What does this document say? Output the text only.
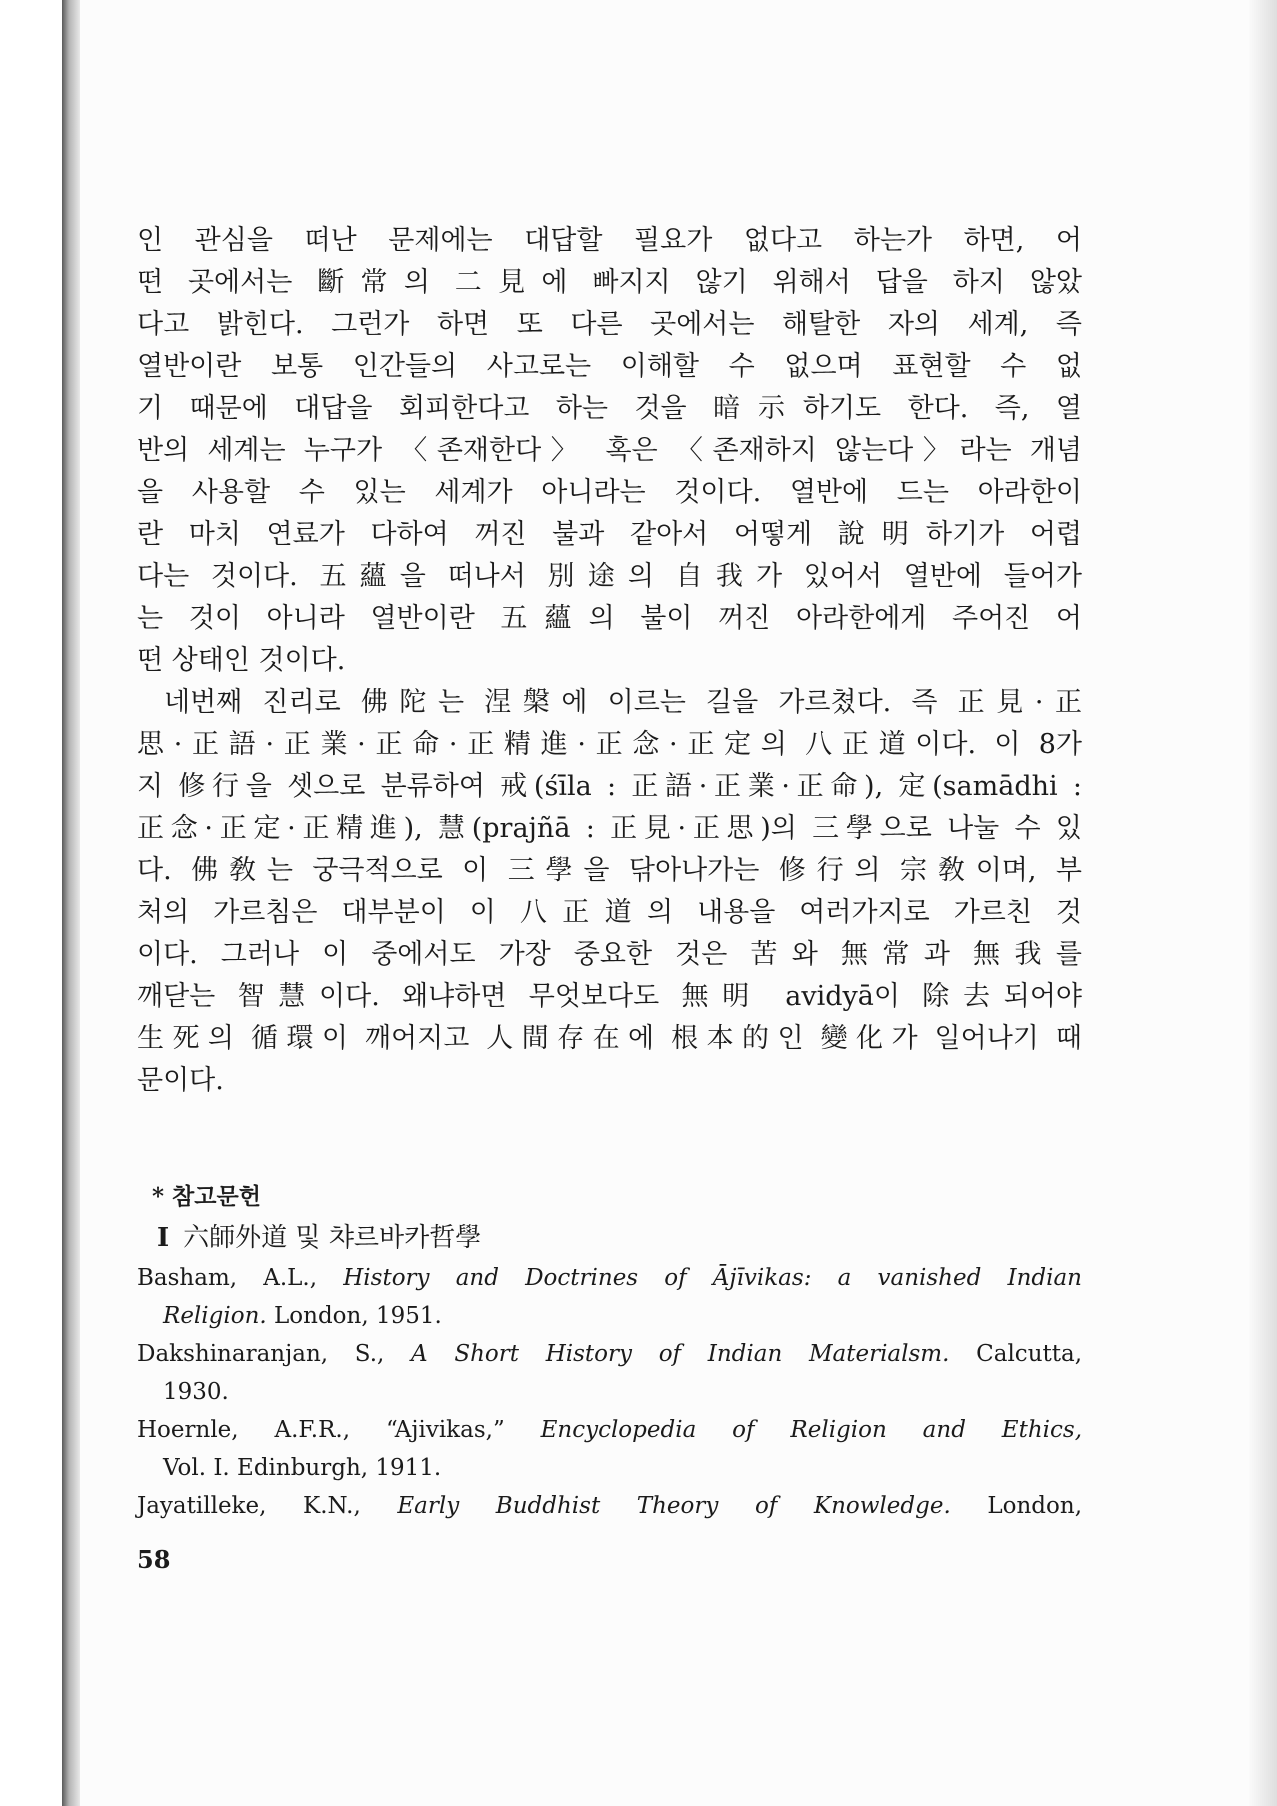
인 관심을 떠난 문제에는 대답할 필요가 없다고 하는가 하면, 어
떤 곳에서는 斷常의 二見에 빠지지 않기 위해서 답을 하지 않았
다고 밝힌다. 그런가 하면 또 다른 곳에서는 해탈한 자의 세계, 즉
열반이란 보통 인간들의 사고로는 이해할 수 없으며 표현할 수 없
기 때문에 대답을 회피한다고 하는 것을 暗示하기도 한다. 즉, 열
반의 세계는 누구가 〈존재한다〉 혹은 〈존재하지 않는다〉라는 개념
을 사용할 수 있는 세계가 아니라는 것이다. 열반에 드는 아라한이
란 마치 연료가 다하여 꺼진 불과 같아서 어떻게 說明하기가 어렵
다는 것이다. 五蘊을 떠나서 別途의 自我가 있어서 열반에 들어가
는 것이 아니라 열반이란 五蘊의 불이 꺼진 아라한에게 주어진 어
떤 상태인 것이다.
네번째 진리로 佛陀는 涅槃에 이르는 길을 가르쳤다. 즉 正見·正
思·正語·正業·正命·正精進·正念·正定의 八正道이다. 이 8가
지 修行을 셋으로 분류하여 戒(śīla : 正語·正業·正命), 定(samādhi :
正念·正定·正精進), 慧(prajñā : 正見·正思)의 三學으로 나눌 수 있
다. 佛敎는 궁극적으로 이 三學을 닦아나가는 修行의 宗敎이며, 부
처의 가르침은 대부분이 이 八正道의 내용을 여러가지로 가르친 것
이다. 그러나 이 중에서도 가장 중요한 것은 苦와 無常과 無我를
깨닫는 智慧이다. 왜냐하면 무엇보다도 無明 avidyā이 除去되어야
生死의 循環이 깨어지고 人間存在에 根本的인 變化가 일어나기 때
문이다.
* 참고문헌
I 六師外道 및 챠르바카哲學
Basham, A.L., History and Doctrines of Ājīvikas: a vanished Indian
Religion. London, 1951.
Dakshinaranjan, S., A Short History of Indian Materialsm. Calcutta,
1930.
Hoernle, A.F.R., “Ajivikas,” Encyclopedia of Religion and Ethics,
Vol. I. Edinburgh, 1911.
Jayatilleke, K.N., Early Buddhist Theory of Knowledge. London,
58
